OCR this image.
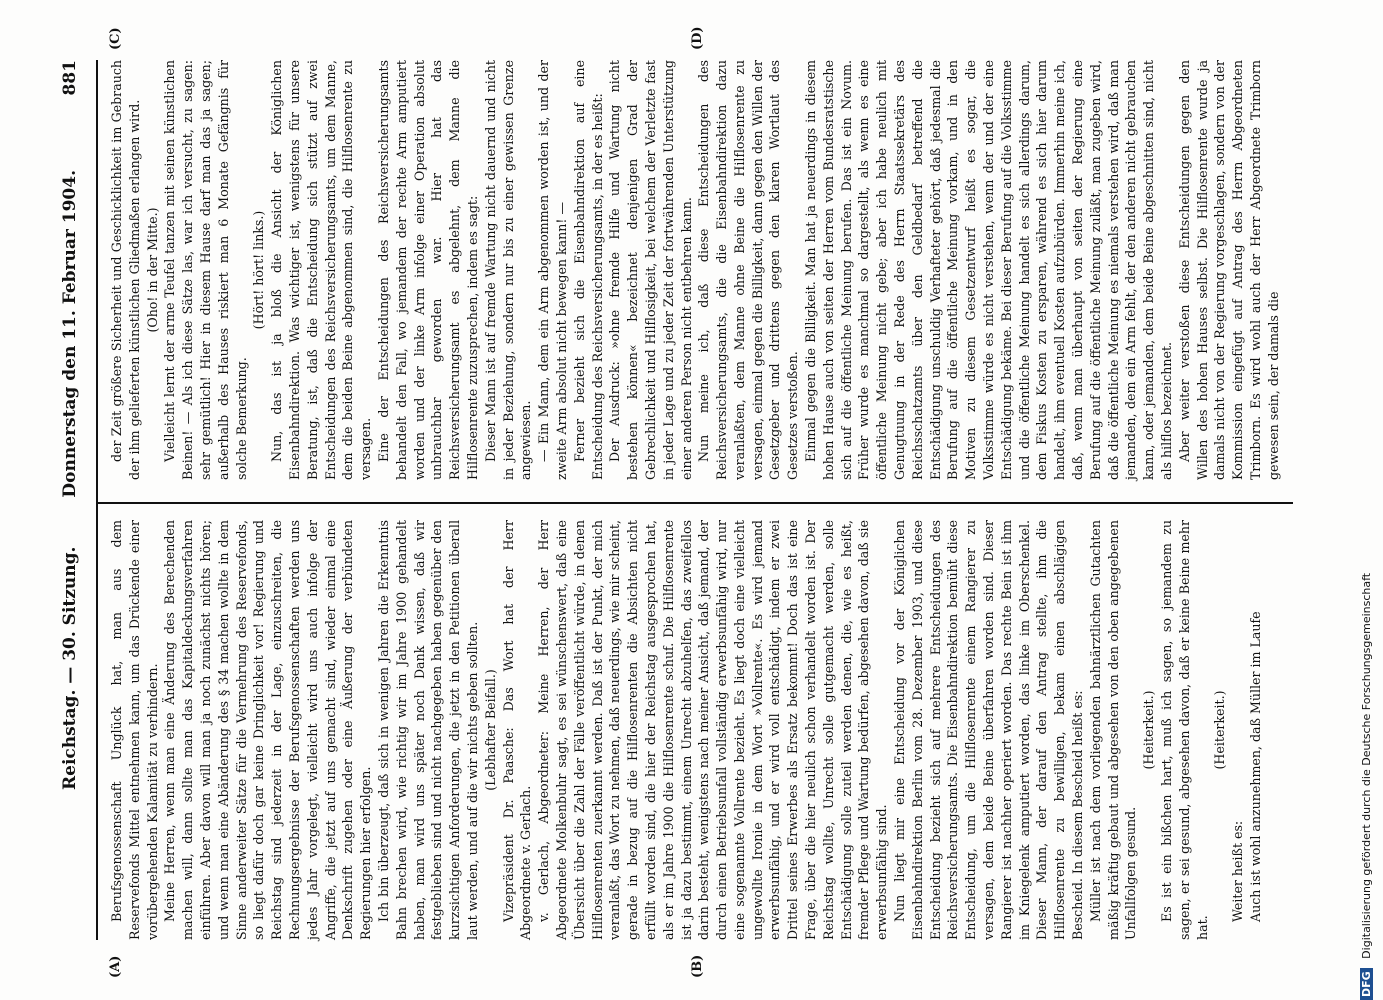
Reichstag. — 30. Sitzung.
Donnerstag den 11. Februar 1904.
881
(A)	(B)
(C)	(D)

Berufsgenossenschaft Unglück hat, man aus dem Reservefonds Mittel entnehmen kann, um das Drückende einer vorübergehenden Kalamität zu verhindern. Meine Herren, wenn man eine Änderung des Berechenden machen will, dann sollte man das Kapitaldeckungsverfahren einführen. Aber davon will man ja noch zunächst nichts hören; und wenn man eine Abänderung des § 34 machen wollte in dem Sinne anderweiter Sätze für die Vermehrung des Reservefonds, so liegt dafür doch gar keine Dringlichkeit vor! Regierung und Reichstag sind jederzeit in der Lage, einzuschreiten, die Rechnungsergebnisse der Berufsgenossenschaften werden uns jedes Jahr vorgelegt, vielleicht wird uns auch infolge der Angriffe, die jetzt auf uns gemacht sind, wieder einmal eine Denkschrift zugehen oder eine Äußerung der verbündeten Regierungen hier erfolgen. Ich bin überzeugt, daß sich in wenigen Jahren die Erkenntnis Bahn brechen wird, wie richtig wir im Jahre 1900 gehandelt haben, man wird uns später noch Dank wissen, daß wir festgeblieben sind und nicht nachgegeben haben gegenüber den kurzsichtigen Anforderungen, die jetzt in den Petitionen überall laut werden, und auf die wir nichts geben sollten. (Lebhafter Beifall.) Vizepräsident Dr. Paasche: Das Wort hat der Herr Abgeordnete v. Gerlach. v. Gerlach, Abgeordneter: Meine Herren, der Herr Abgeordnete Molkenbuhr sagt, es sei wünschenswert, daß eine Übersicht über die Zahl der Fälle veröffentlicht würde, in denen Hilflosenrenten zuerkannt werden. Daß ist der Punkt, der mich veranlaßt, das Wort zu nehmen, daß neuerdings, wie mir scheint, gerade in bezug auf die Hilflosenrenten die Absichten nicht erfüllt worden sind, die hier der Reichstag ausgesprochen hat, als er im Jahre 1900 die Hilflosenrente schuf. Die Hilflosenrente ist ja dazu bestimmt, einem Unrecht abzuhelfen, das zweifellos darin besteht, wenigstens nach meiner Ansicht, daß jemand, der durch einen Betriebsunfall vollständig erwerbsunfähig wird, nur eine sogenannte Vollrente bezieht. Es liegt doch eine vielleicht ungewollte Ironie in dem Wort »Vollrente«. Es wird jemand erwerbsunfähig, und er wird voll entschädigt, indem er zwei Drittel seines Erwerbes als Ersatz bekommt! Doch das ist eine Frage, über die hier neulich schon verhandelt worden ist. Der Reichstag wollte, Unrecht solle gutgemacht werden, solle Entschädigung solle zuteil werden denen, die, wie es heißt, fremder Pflege und Wartung bedürfen, abgesehen davon, daß sie erwerbsunfähig sind. Nun liegt mir eine Entscheidung vor der Königlichen Eisenbahndirektion Berlin vom 28. Dezember 1903, und diese Entscheidung bezieht sich auf mehrere Entscheidungen des Reichsversicherungsamts. Die Eisenbahndirektion bemüht diese Entscheidung, um die Hilflosenrente einem Rangierer zu versagen, dem beide Beine überfahren worden sind. Dieser Rangierer ist nachher operiert worden. Das rechte Bein ist ihm im Kniegelenk amputiert worden, das linke im Oberschenkel. Dieser Mann, der darauf den Antrag stellte, ihm die Hilflosenrente zu bewilligen, bekam einen abschlägigen Bescheid. In diesem Bescheid heißt es: Müller ist nach dem vorliegenden bahnärztlichen Gutachten mäßig kräftig gebaut und abgesehen von den oben angegebenen Unfallfolgen gesund.

(Heiterkeit.) Es ist ein bißchen hart, muß ich sagen, so jemandem zu sagen, er sei gesund, abgesehen davon, daß er keine Beine mehr hat.

(Heiterkeit.)

Weiter heißt es: Auch ist wohl anzunehmen, daß Müller im Laufe

der Zeit größere Sicherheit und Geschicklichkeit im Gebrauch der ihm gelieferten künstlichen Gliedmaßen erlangen wird. (Oho! in der Mitte.) Vielleicht lernt der arme Teufel tanzen mit seinen künstlichen Beinen! — Als ich diese Sätze las, war ich versucht, zu sagen: sehr gemütlich! Hier in diesem Hause darf man das ja sagen; außerhalb des Hauses riskiert man 6 Monate Gefängnis für solche Bemerkung.

(Hört! hört! links.) Nun, das ist ja bloß die Ansicht der Königlichen Eisenbahndirektion. Was wichtiger ist, wenigstens für unsere Beratung, ist, daß die Entscheidung sich stützt auf zwei Entscheidungen des Reichsversicherungsamts, um dem Manne, dem die beiden Beine abgenommen sind, die Hilflosenrente zu versagen. Eine der Entscheidungen des Reichsversicherungsamts behandelt den Fall, wo jemandem der rechte Arm amputiert worden und der linke Arm infolge einer Operation absolut unbrauchbar geworden war. Hier hat das Reichsversicherungsamt es abgelehnt, dem Manne die Hilflosenrente zuzusprechen, indem es sagt: Dieser Mann ist auf fremde Wartung nicht dauernd und nicht in jeder Beziehung, sondern nur bis zu einer gewissen Grenze angewiesen. — Ein Mann, dem ein Arm abgenommen worden ist, und der zweite Arm absolut nicht bewegen kann! — Ferner bezieht sich die Eisenbahndirektion auf eine Entscheidung des Reichsversicherungsamts, in der es heißt: Der Ausdruck: »ohne fremde Hilfe und Wartung nicht bestehen können« bezeichnet denjenigen Grad der Gebrechlichkeit und Hilflosigkeit, bei welchem der Verletzte fast in jeder Lage und zu jeder Zeit der fortwährenden Unterstützung einer anderen Person nicht entbehren kann. Nun meine ich, daß diese Entscheidungen des Reichsversicherungsamts, die die Eisenbahndirektion dazu veranlaßten, dem Manne ohne Beine die Hilflosenrente zu versagen, einmal gegen die Billigkeit, dann gegen den Willen der Gesetzgeber und drittens gegen den klaren Wortlaut des Gesetzes verstoßen. Einmal gegen die Billigkeit. Man hat ja neuerdings in diesem hohen Hause auch von seiten der Herren vom Bundesratstische sich auf die öffentliche Meinung berufen. Das ist ein Novum. Früher wurde es manchmal so dargestellt, als wenn es eine öffentliche Meinung nicht gebe; aber ich habe neulich mit Genugtuung in der Rede des Herrn Staatssekretärs des Reichsschatzamts über den Geldbedarf betreffend die Entschädigung unschuldig Verhafteter gehört, daß jedesmal die Berufung auf die öffentliche Meinung vorkam, und in den Motiven zu diesem Gesetzentwurf heißt es sogar, die Volksstimme würde es nicht verstehen, wenn der und der eine Entschädigung bekäme. Bei dieser Berufung auf die Volksstimme und die öffentliche Meinung handelt es sich allerdings darum, dem Fiskus Kosten zu ersparen, während es sich hier darum handelt, ihm eventuell Kosten aufzubürden. Immerhin meine ich, daß, wenn man überhaupt von seiten der Regierung eine Berufung auf die öffentliche Meinung zuläßt, man zugeben wird, daß die öffentliche Meinung es niemals verstehen wird, daß man jemanden, dem ein Arm fehlt, der den anderen nicht gebrauchen kann, oder jemanden, dem beide Beine abgeschnitten sind, nicht als hilflos bezeichnet. Aber weiter verstoßen diese Entscheidungen gegen den Willen des hohen Hauses selbst. Die Hilflosenrente wurde ja damals nicht von der Regierung vorgeschlagen, sondern von der Kommission eingefügt auf Antrag des Herrn Abgeordneten Trimborn. Es wird wohl auch der Herr Abgeordnete Trimborn gewesen sein, der damals die

DFG Digitalisierung gefördert durch die Deutsche Forschungsgemeinschaft
